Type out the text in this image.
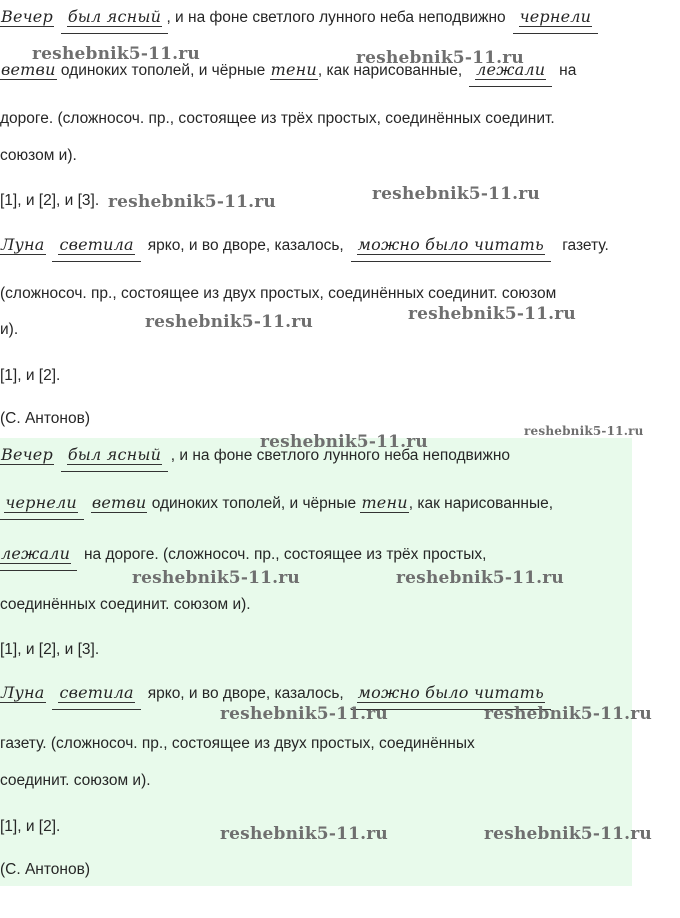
Вечер был ясный , и на фоне светлого лунного неба неподвижно чернели
ветви одиноких тополей, и чёрные тени, как нарисованные, лежали на
дороге. (сложносоч. пр., состоящее из трёх простых, соединённых соединит.
союзом и).
[1], и [2], и [3].
Луна светила ярко, и во дворе, казалось, можно было читать газету.
(сложносоч. пр., состоящее из двух простых, соединённых соединит. союзом
и).
[1], и [2].
(С. Антонов)
Вечер был ясный , и на фоне светлого лунного неба неподвижно
чернели ветви одиноких тополей, и чёрные тени, как нарисованные,
лежали на дороге. (сложносоч. пр., состоящее из трёх простых,
соединённых соединит. союзом и).
[1], и [2], и [3].
Луна светила ярко, и во дворе, казалось, можно было читать
газету. (сложносоч. пр., состоящее из двух простых, соединённых
соединит. союзом и).
[1], и [2].
(С. Антонов)
reshebnik5-11.ru	reshebnik5-11.ru
reshebnik5-11.ru	reshebnik5-11.ru
reshebnik5-11.ru	reshebnik5-11.ru
reshebnik5-11.ru
reshebnik5-11.ru
reshebnik5-11.ru	reshebnik5-11.ru
reshebnik5-11.ru	reshebnik5-11.ru
reshebnik5-11.ru	reshebnik5-11.ru
